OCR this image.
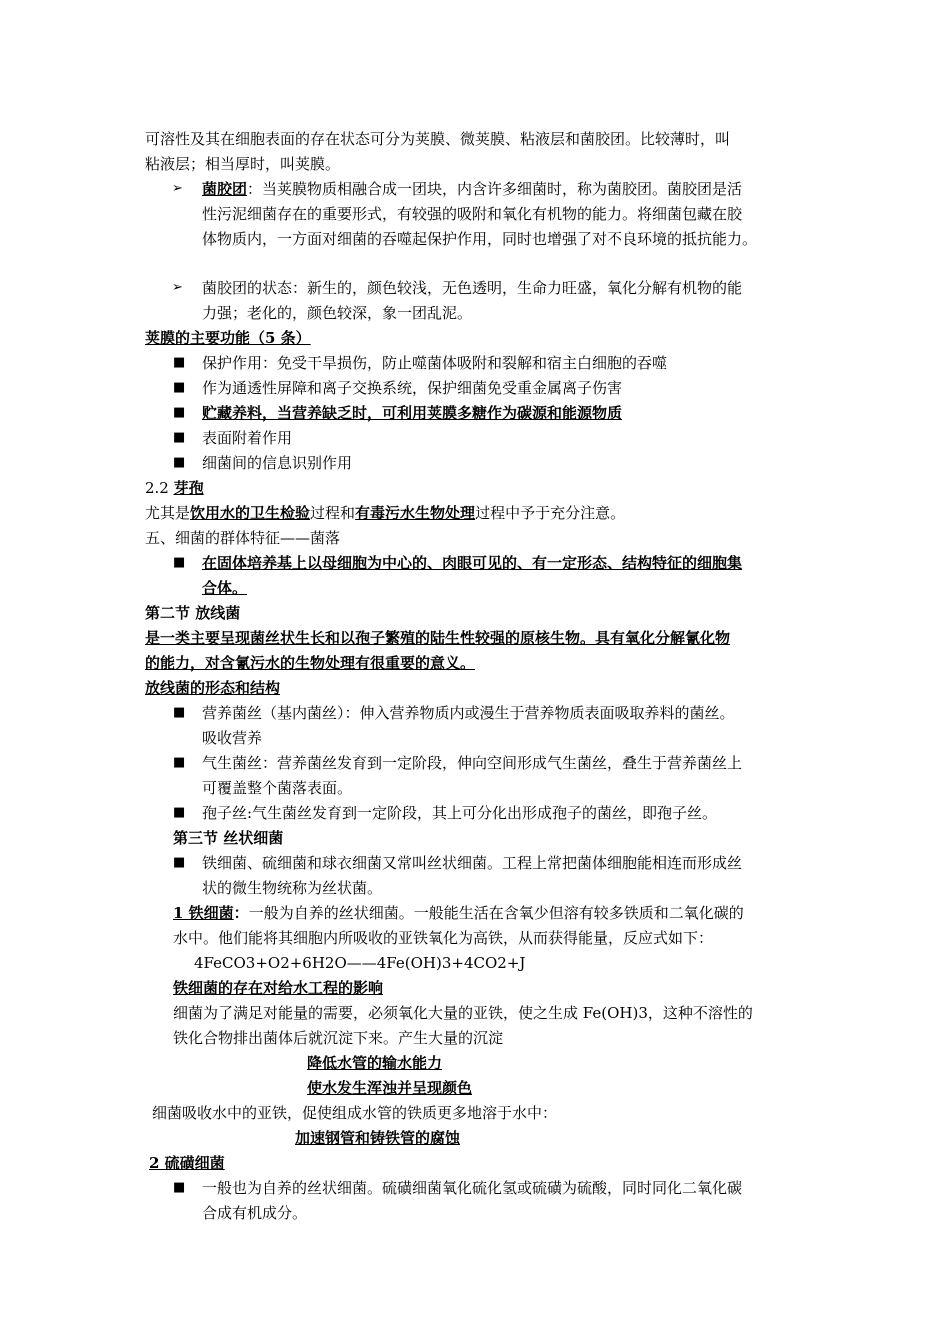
可溶性及其在细胞表面的存在状态可分为荚膜、微荚膜、粘液层和菌胶团。比较薄时，叫
粘液层；相当厚时，叫荚膜。
➢ 菌胶团：当荚膜物质相融合成一团块，内含许多细菌时，称为菌胶团。菌胶团是活
性污泥细菌存在的重要形式，有较强的吸附和氧化有机物的能力。将细菌包藏在胶
体物质内，一方面对细菌的吞噬起保护作用，同时也增强了对不良环境的抵抗能力。
➢ 菌胶团的状态：新生的，颜色较浅，无色透明，生命力旺盛，氧化分解有机物的能
力强；老化的，颜色较深，象一团乱泥。
荚膜的主要功能（5 条）
■ 保护作用：免受干旱损伤，防止噬菌体吸附和裂解和宿主白细胞的吞噬
■ 作为通透性屏障和离子交换系统，保护细菌免受重金属离子伤害
■ 贮藏养料，当营养缺乏时，可利用荚膜多糖作为碳源和能源物质
■ 表面附着作用
■ 细菌间的信息识别作用
2.2 芽孢
尤其是饮用水的卫生检验过程和有毒污水生物处理过程中予于充分注意。
五、细菌的群体特征——菌落
■ 在固体培养基上以母细胞为中心的、肉眼可见的、有一定形态、结构特征的细胞集
合体。
第二节 放线菌
是一类主要呈现菌丝状生长和以孢子繁殖的陆生性较强的原核生物。具有氧化分解氰化物
的能力，对含氰污水的生物处理有很重要的意义。
放线菌的形态和结构
■ 营养菌丝（基内菌丝）：伸入营养物质内或漫生于营养物质表面吸取养料的菌丝。
吸收营养
■ 气生菌丝：营养菌丝发育到一定阶段，伸向空间形成气生菌丝，叠生于营养菌丝上
可覆盖整个菌落表面。
■ 孢子丝:气生菌丝发育到一定阶段，其上可分化出形成孢子的菌丝，即孢子丝。
第三节 丝状细菌
■ 铁细菌、硫细菌和球衣细菌又常叫丝状细菌。工程上常把菌体细胞能相连而形成丝
状的微生物统称为丝状菌。
1 铁细菌：一般为自养的丝状细菌。一般能生活在含氧少但溶有较多铁质和二氧化碳的
水中。他们能将其细胞内所吸收的亚铁氧化为高铁，从而获得能量，反应式如下：
4FeCO3+O2+6H2O——4Fe(OH)3+4CO2+J
铁细菌的存在对给水工程的影响
细菌为了满足对能量的需要，必须氧化大量的亚铁，使之生成 Fe(OH)3，这种不溶性的
铁化合物排出菌体后就沉淀下来。产生大量的沉淀
降低水管的输水能力
使水发生浑浊并呈现颜色
细菌吸收水中的亚铁，促使组成水管的铁质更多地溶于水中：
加速钢管和铸铁管的腐蚀
2 硫磺细菌
■ 一般也为自养的丝状细菌。硫磺细菌氧化硫化氢或硫磺为硫酸，同时同化二氧化碳
合成有机成分。
